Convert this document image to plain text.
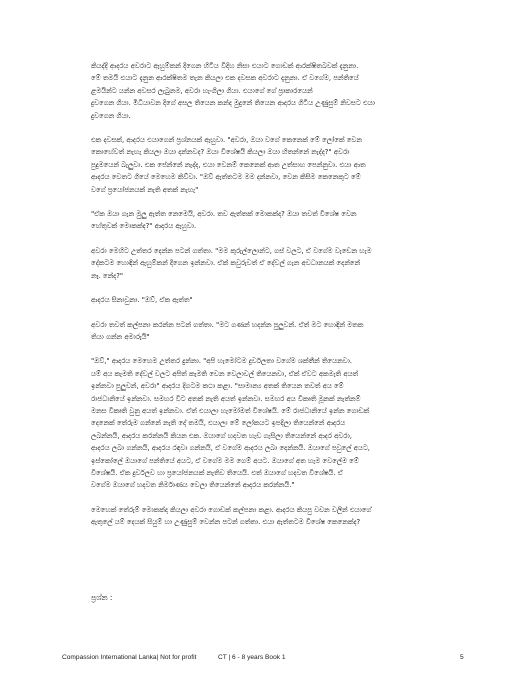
කියද්දි ආදරය අවරාට ඇහුම්කන් දීගෙන හිටිය විදිහ නිසා එයාට ගොඩක් ආරක්ෂිතබවක් දැනුනා.
මේ තමයි එයාට දැනුන ආරක්ෂිතම තැන කියලා එක දවසක අවරාට දැනුනා. ඒ වගේම, පන්තියේ
ළමයින්ට යන්න අවසර ලැබුනම, අවරා හැංගිලා ගියා. එයාගේ ගේ ප්‍රාකාරයෙන්
දුවගෙන ගියා. මිධියාවන දිගේ අසල තියෙන කන්ද මුදුනේ තියෙන ආදරය ගිටිය උණුසුම් නිවසට එයා
දුවගෙන ගියා.

එක දවසක්, ආදරය එයාගෙන් ප්‍රශ්නයක් ඇහුවා. "අවරා, ඔයා වගේ කෙනෙක් මේ ලෝකේ වෙන
කොහේවත් නැහැ කියලා ඔයා දන්නවද? ඔයා විශේෂයි කියලා ඔයා හිතන්නේ නැද්ද?" අවරා
පුදුමයෙන් බැලුවා. එක පේන්නේ නැද්ද, එයා වෙනම් කෙනෙක් ආත උත්සාහ පෙන්නුවා. එයා ආත
ආදරය වෙතට ගියේ මෙහෙම කිව්වා. "ඔව් ඇත්තටම මම දන්නවා, වෙන කිසිම කෙනෙකුට මේ
වගේ ප්‍රයෝජනයක් නැති අතක් නැහැ"

"ඒක ඔයා ගැන මුලු ඇත්ත නෙමෙයි, අවරා. තව ඇත්තක් මොකක්ද? ඔයා තවත් විශේෂ වෙන
හේතුවක් මොකක්ද?" ආදරය ඇහුවා.

අවරා මෙහිට උත්තර දෙන්න පටන් ගත්තා. "මම කුරුල්ලොන්ට, ගස් වලට, ඒ වගේම වැඩෙන හැම
දේකටම හොඳින් ඇහුම්කන් දීගෙන ඉන්නවා. ඒක් කවුරුවත් ඒ දේවල් ගැන අවධානයක් දෙන්නේ
නෑ. නේද?"

ආදරය සිනාවුනා. "ඔව්, ඒක ඇත්ත"

අවරා තවත් කල්පනා කරන්න පටන් ගත්තා. "මට ගණන් හදන්න පුලුවන්. ඒත් මට හොඳින් මතක
තියා ගන්න අමාරුයි"

"ඔව්," ආදරය මෙහෙම උත්තර දුන්නා. "අපි හැමෝටම දුර්වලතා වගේම ශක්තීන් තියෙනවා.
යම් අය කැමති දේවල් වලට අපිත් කැමති වෙන වෙලාවල් තියෙනවා, ඒක් ඒවට අකමැති අයත්
ඉන්නවා පුලුවන්, අවරා" ආදරය දිගටම කථා කළා. "සාමාන්‍ය අතක් තියෙන තවත් අය මේ
රාජධානියේ ඉන්නවා. සමහර විට අතක් නැති අයත් ඉන්නවා. සමහර අය විකෘති මූනක් නැත්නම්
මනස විකෘති වුනු අයත් ඉන්නවා. ඒත් එයාලා හැමෝමත් විශේෂයි. මේ රාජධානියේ ඉන්න ගොඩක්
දෙනෙක් තේරුම ගන්නේ නැති දේ තමයි, එයාලා මේ ලෝකයට ඉපදිලා තියෙන්නේ ආදරය
ලබන්නයි, ආදරය කරන්නයි කියන එක. ඔයාගේ හදවත හැඩ ගැසිලා තියෙන්නේ ආදර අවරා,
ආදරය ලබා ගන්නයි, ආදරය රඳවා ගන්නයි, ඒ වගේම ආදරය ලබා දෙන්නයි. ඔයාගේ පවුලේ අයට,
ඉස්කෝලේ ඔයාගේ පන්තියේ අයට, ඒ වගේම මම ගෙම් අයට. ඔයාගේ අත හැම වෙලේම මේ
විශේෂයි. ඒක දුර්වලව හා ප්‍රයෝජනයක් නැතිව තියෙයි. එත් ඔයාගේ හදවත විශේෂයි. ඒ
වගේම ඔයාගේ හදවත නිර්මාණය වෙලා තියෙන්නේ ආදරය කරන්නයි."

මෙහෙක් තේරුම් මොකක්ද කියලා අවරා ගොඩක් කල්පනා කළා. ආදරය කියපු වචන වලින් එයාගේ
ඇතුලේ යම් දෙයක් සියුම් හා උණුසුම් වෙන්න පටන් ගත්තා. එයා ඇත්තටම විශේෂ කෙනෙක්ද?

ප්‍රශ්න :
Compassion International Lanka| Not for profit	CT | 6 - 8 years Book 1	5
